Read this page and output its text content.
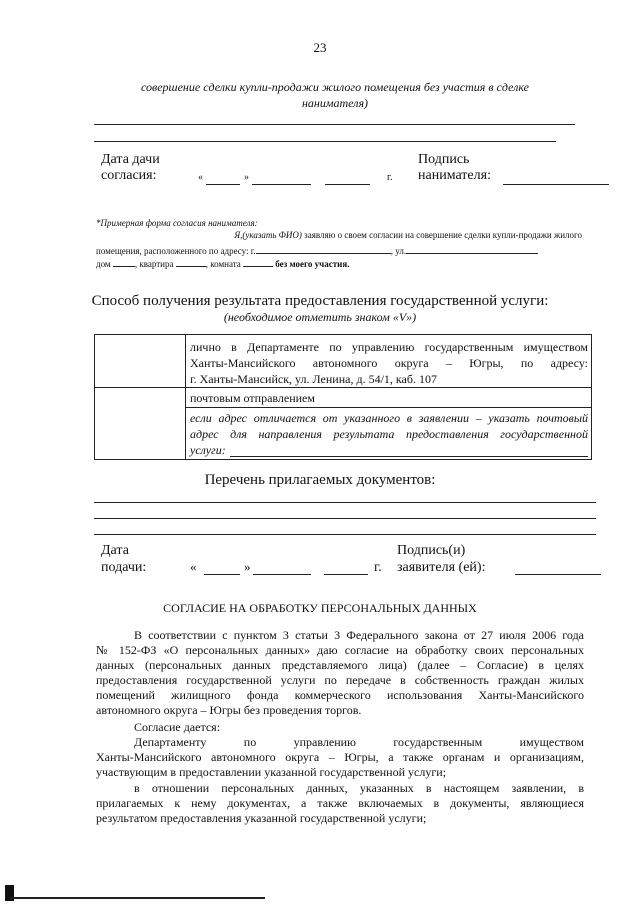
23
совершение сделки купли-продажи жилого помещения без участия в сделке
нанимателя)
Дата дачи
согласия:	«	»	г.
Подпись
нанимателя:
*Примерная форма согласия нанимателя:
Я,(указать ФИО) заявляю о своем согласии на совершение сделки купли-продажи жилого
помещения, расположенного по адресу: г.	, ул.
дом	, квартира	, комната	без моего участия.
Способ получения результата предоставления государственной услуги:
(необходимое отметить знаком «V»)
лично в Департаменте по управлению государственным имуществом
Ханты-Мансийского автономного округа – Югры, по адресу:
г. Ханты-Мансийск, ул. Ленина, д. 54/1, каб. 107
почтовым отправлением
если адрес отличается от указанного в заявлении – указать почтовый
адрес для направления результата предоставления государственной
услуги:
Перечень прилагаемых документов:
Дата
подачи:	«	»	г.
Подпись(и)
заявителя (ей):
СОГЛАСИЕ НА ОБРАБОТКУ ПЕРСОНАЛЬНЫХ ДАННЫХ
В соответствии с пунктом 3 статьи 3 Федерального закона от 27 июля 2006 года
№ 152-ФЗ «О персональных данных» даю согласие на обработку своих персональных
данных (персональных данных представляемого лица) (далее – Согласие) в целях
предоставления государственной услуги по передаче в собственность граждан жилых
помещений жилищного фонда коммерческого использования Ханты-Мансийского
автономного округа – Югры без проведения торгов.
Согласие дается:
Департаменту по управлению государственным имуществом
Ханты-Мансийского автономного округа – Югры, а также органам и организациям,
участвующим в предоставлении указанной государственной услуги;
в отношении персональных данных, указанных в настоящем заявлении, в
прилагаемых к нему документах, а также включаемых в документы, являющиеся
результатом предоставления указанной государственной услуги;
